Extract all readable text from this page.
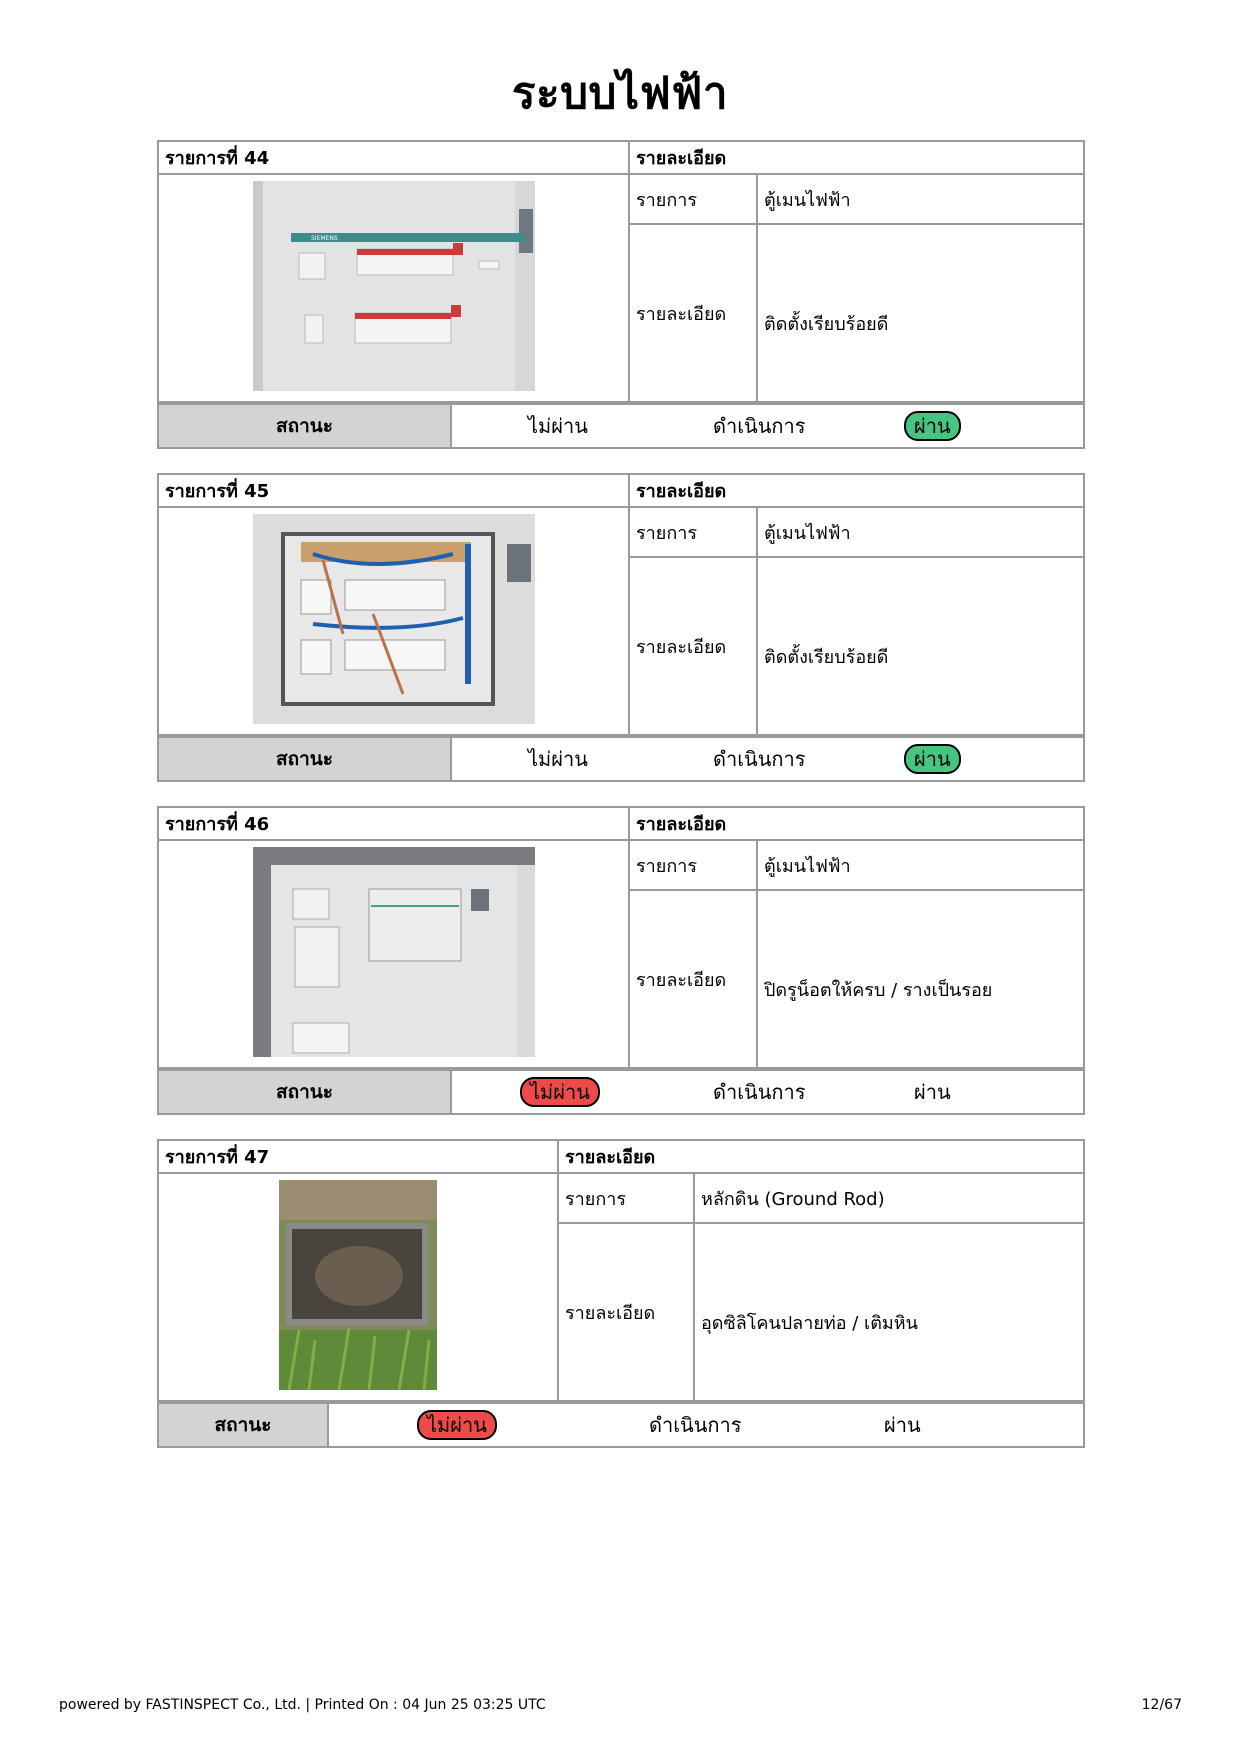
ระบบไฟฟ้า
รายการที่ 44	รายละเอียด	

SIEMENS	รายการ	ตู้เมนไฟฟ้า
	รายละเอียด	ติดตั้งเรียบร้อยดี
สถานะ	ไม่ผ่าน	ดำเนินการ	ผ่าน
รายการที่ 45	รายละเอียด	
	รายการ	ตู้เมนไฟฟ้า
	รายละเอียด	ติดตั้งเรียบร้อยดี
สถานะ	ไม่ผ่าน	ดำเนินการ	ผ่าน
รายการที่ 46	รายละเอียด	
	รายการ	ตู้เมนไฟฟ้า
	รายละเอียด	ปิดรูน็อตให้ครบ / รางเป็นรอย
สถานะ	ไม่ผ่าน	ดำเนินการ	ผ่าน
รายการที่ 47	รายละเอียด	
	รายการ	หลักดิน (Ground Rod)
	รายละเอียด	อุดซิลิโคนปลายท่อ / เติมหิน
สถานะ	ไม่ผ่าน	ดำเนินการ	ผ่าน
powered by FASTINSPECT Co., Ltd. | Printed On : 04 Jun 25 03:25 UTC	12/67
